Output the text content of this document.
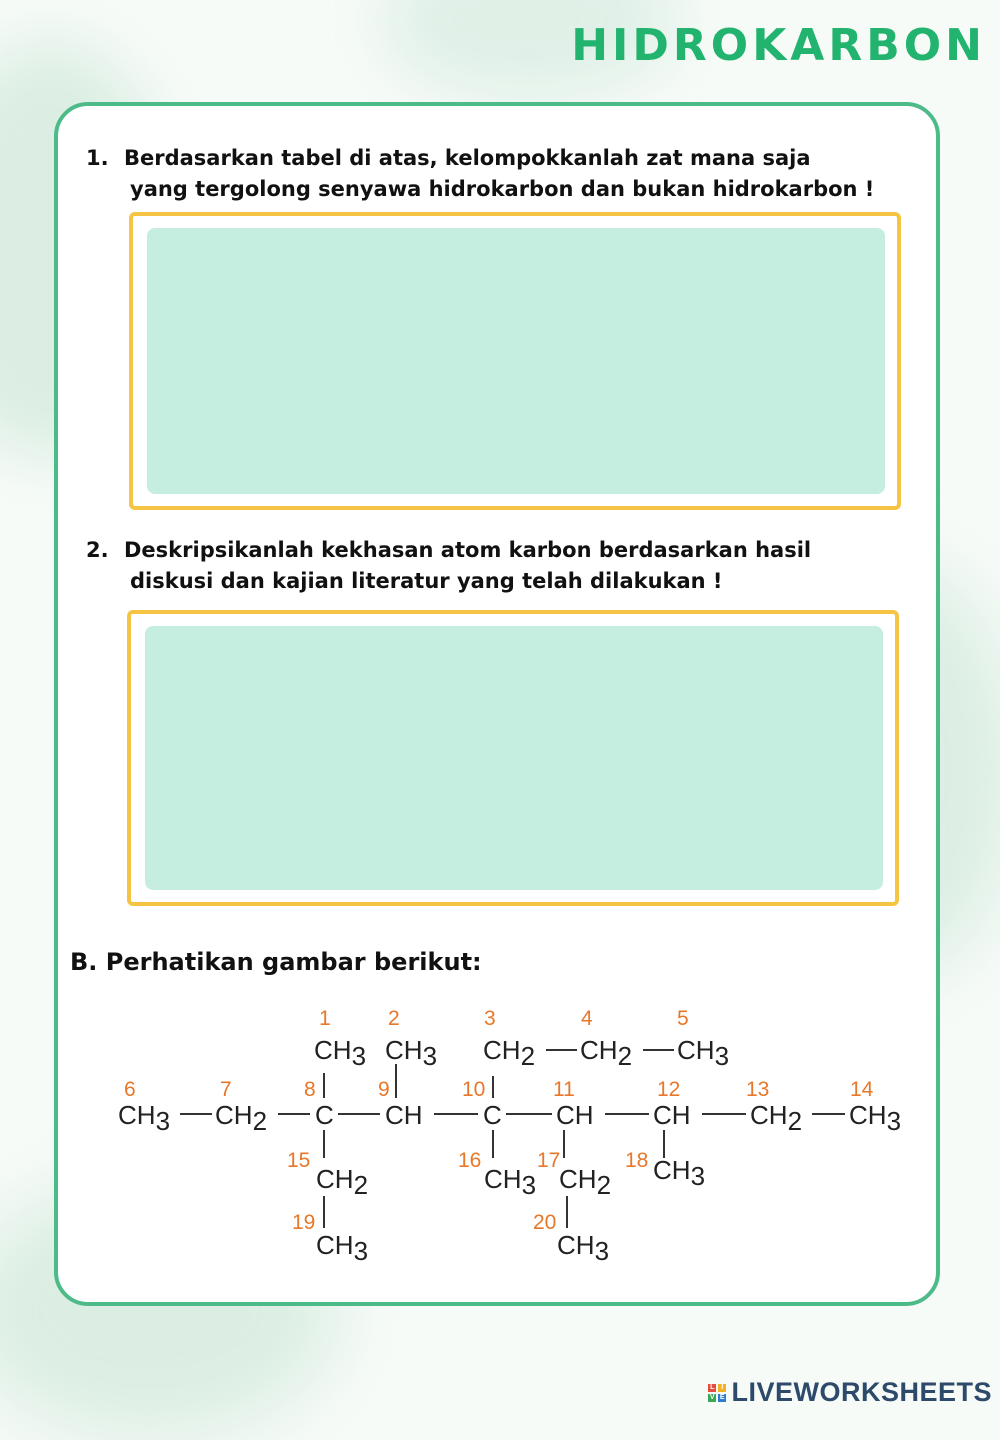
HIDROKARBON
1. Berdasarkan tabel di atas, kelompokkanlah zat mana saja
yang tergolong senyawa hidrokarbon dan bukan hidrokarbon !
2. Deskripsikanlah kekhasan atom karbon berdasarkan hasil
diskusi dan kajian literatur yang telah dilakukan !
B. Perhatikan gambar berikut:
1	2	3	4	5
CH3 CH3 CH2 CH2 CH3
6	7	8	9	10	11	12	13	14
CH3 CH2 C CH C CH CH CH2 CH3
15	16	17	18
CH2	CH3 CH2 CH3
19	20
CH3	CH3
L I
V E LIVEWORKSHEETS
